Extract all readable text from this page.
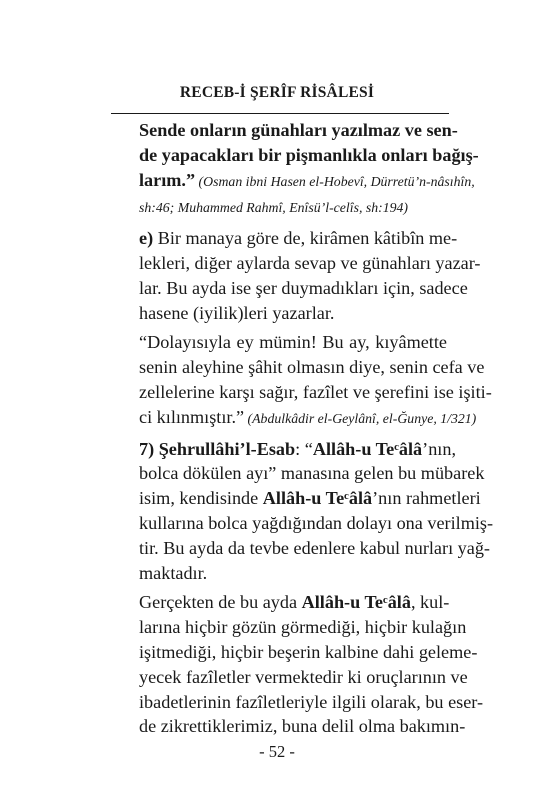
RECEB-İ ŞERÎF RİSÂLESİ

Sende onların günahları yazılmaz ve sen-
de yapacakları bir pişmanlıkla onları bağış-
larım.” (Osman ibni Hasen el-Hobevî, Dürretü’n-nâsıhîn,
sh:46; Muhammed Rahmî, Enîsü’l-celîs, sh:194)

e) Bir manaya göre de, kirâmen kâtibîn me-
lekleri, diğer aylarda sevap ve günahları yazar-
lar. Bu ayda ise şer duymadıkları için, sadece
hasene (iyilik)leri yazarlar.

“Dolayısıyla ey mümin! Bu ay, kıyâmette
senin aleyhine şâhit olmasın diye, senin cefa ve
zellelerine karşı sağır, fazîlet ve şerefini ise işiti-
ci kılınmıştır.” (Abdulkâdir el-Geylânî, el-Ğunye, 1/321)

7) Şehrullâhi’l-Esab: “Allâh-u Teᶜâlâ’nın,
bolca dökülen ayı” manasına gelen bu mübarek
isim, kendisinde Allâh-u Teᶜâlâ’nın rahmetleri
kullarına bolca yağdığından dolayı ona verilmiş-
tir. Bu ayda da tevbe edenlere kabul nurları yağ-
maktadır.

Gerçekten de bu ayda Allâh-u Teᶜâlâ, kul-
larına hiçbir gözün görmediği, hiçbir kulağın
işitmediği, hiçbir beşerin kalbine dahi geleme-
yecek fazîletler vermektedir ki oruçlarının ve
ibadetlerinin fazîletleriyle ilgili olarak, bu eser-
de zikrettiklerimiz, buna delil olma bakımın-

- 52 -
